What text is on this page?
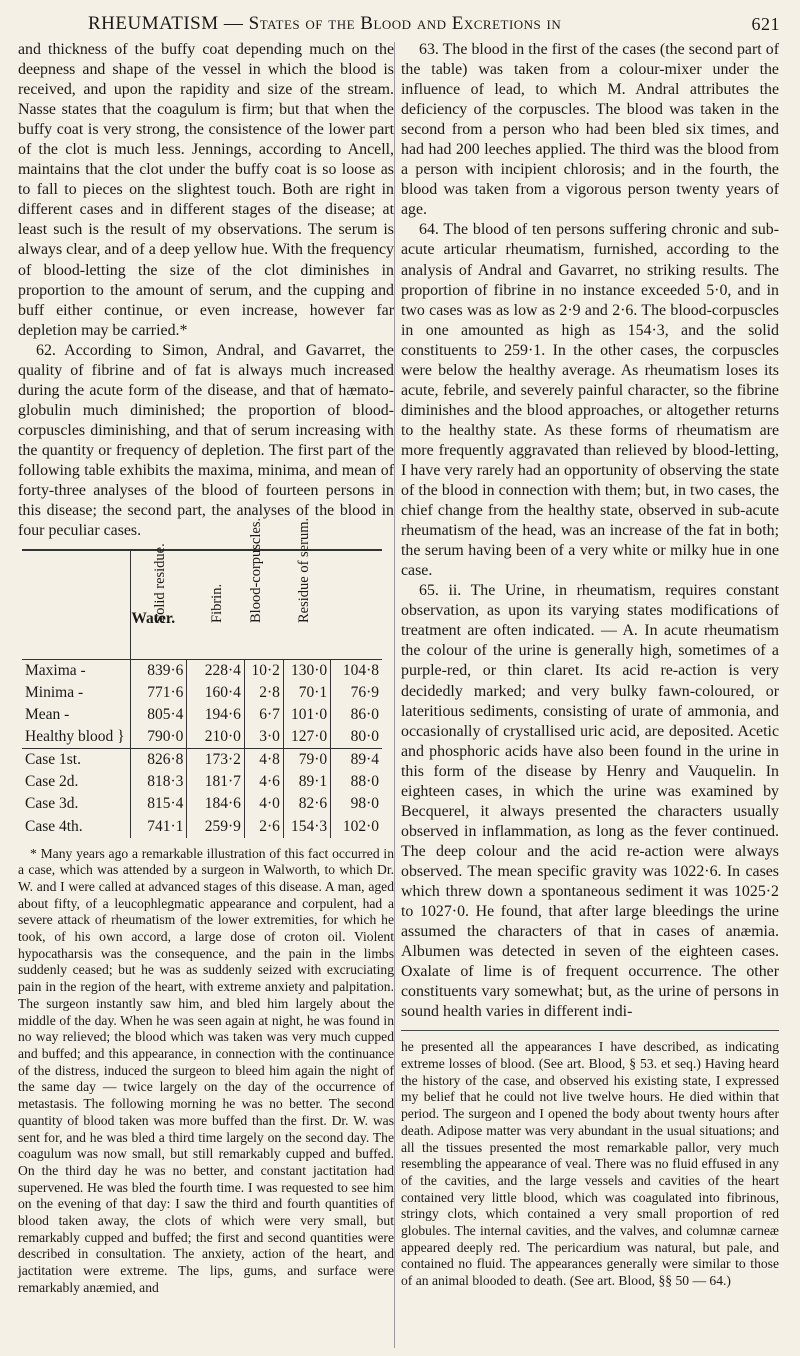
RHEUMATISM — States of the Blood and Excretions in	621

and thickness of the buffy coat depending much on the deepness and shape of the vessel in which the blood is received, and upon the rapidity and size of the stream. Nasse states that the coagulum is firm; but that when the buffy coat is very strong, the consistence of the lower part of the clot is much less. Jennings, according to Ancell, maintains that the clot under the buffy coat is so loose as to fall to pieces on the slightest touch. Both are right in different cases and in different stages of the disease; at least such is the result of my observations. The serum is always clear, and of a deep yellow hue. With the frequency of blood-letting the size of the clot diminishes in proportion to the amount of serum, and the cupping and buff either continue, or even increase, however far depletion may be carried.*

62. According to Simon, Andral, and Gavarret, the quality of fibrine and of fat is always much increased during the acute form of the disease, and that of hæmato-globulin much diminished; the proportion of blood-corpuscles diminishing, and that of serum increasing with the quantity or frequency of depletion. The first part of the following table exhibits the maxima, minima, and mean of forty-three analyses of the blood of fourteen persons in this disease; the second part, the analyses of the blood in four peculiar cases.

	Water.	Solid residue.	Fibrin.	Blood-corpuscles.	Residue of serum.
Maxima -	839·6	228·4	10·2	130·0	104·8
Minima -	771·6	160·4	2·8	70·1	76·9
Mean -	805·4	194·6	6·7	101·0	86·0
Healthy blood }	790·0	210·0	3·0	127·0	80·0
Case 1st.	826·8	173·2	4·8	79·0	89·4
Case 2d.	818·3	181·7	4·6	89·1	88·0
Case 3d.	815·4	184·6	4·0	82·6	98·0
Case 4th.	741·1	259·9	2·6	154·3	102·0

* Many years ago a remarkable illustration of this fact occurred in a case, which was attended by a surgeon in Walworth, to which Dr. W. and I were called at advanced stages of this disease. A man, aged about fifty, of a leucophlegmatic appearance and corpulent, had a severe attack of rheumatism of the lower extremities, for which he took, of his own accord, a large dose of croton oil. Violent hypocatharsis was the consequence, and the pain in the limbs suddenly ceased; but he was as suddenly seized with excruciating pain in the region of the heart, with extreme anxiety and palpitation. The surgeon instantly saw him, and bled him largely about the middle of the day. When he was seen again at night, he was found in no way relieved; the blood which was taken was very much cupped and buffed; and this appearance, in connection with the continuance of the distress, induced the surgeon to bleed him again the night of the same day — twice largely on the day of the occurrence of metastasis. The following morning he was no better. The second quantity of blood taken was more buffed than the first. Dr. W. was sent for, and he was bled a third time largely on the second day. The coagulum was now small, but still remarkably cupped and buffed. On the third day he was no better, and constant jactitation had supervened. He was bled the fourth time. I was requested to see him on the evening of that day: I saw the third and fourth quantities of blood taken away, the clots of which were very small, but remarkably cupped and buffed; the first and second quantities were described in consultation. The anxiety, action of the heart, and jactitation were extreme. The lips, gums, and surface were remarkably anæmied, and

63. The blood in the first of the cases (the second part of the table) was taken from a colour-mixer under the influence of lead, to which M. Andral attributes the deficiency of the corpuscles. The blood was taken in the second from a person who had been bled six times, and had had 200 leeches applied. The third was the blood from a person with incipient chlorosis; and in the fourth, the blood was taken from a vigorous person twenty years of age.

64. The blood of ten persons suffering chronic and sub-acute articular rheumatism, furnished, according to the analysis of Andral and Gavarret, no striking results. The proportion of fibrine in no instance exceeded 5·0, and in two cases was as low as 2·9 and 2·6. The blood-corpuscles in one amounted as high as 154·3, and the solid constituents to 259·1. In the other cases, the corpuscles were below the healthy average. As rheumatism loses its acute, febrile, and severely painful character, so the fibrine diminishes and the blood approaches, or altogether returns to the healthy state. As these forms of rheumatism are more frequently aggravated than relieved by blood-letting, I have very rarely had an opportunity of observing the state of the blood in connection with them; but, in two cases, the chief change from the healthy state, observed in sub-acute rheumatism of the head, was an increase of the fat in both; the serum having been of a very white or milky hue in one case.

65. ii. The Urine, in rheumatism, requires constant observation, as upon its varying states modifications of treatment are often indicated. — A. In acute rheumatism the colour of the urine is generally high, sometimes of a purple-red, or thin claret. Its acid re-action is very decidedly marked; and very bulky fawn-coloured, or lateritious sediments, consisting of urate of ammonia, and occasionally of crystallised uric acid, are deposited. Acetic and phosphoric acids have also been found in the urine in this form of the disease by Henry and Vauquelin. In eighteen cases, in which the urine was examined by Becquerel, it always presented the characters usually observed in inflammation, as long as the fever continued. The deep colour and the acid re-action were always observed. The mean specific gravity was 1022·6. In cases which threw down a spontaneous sediment it was 1025·2 to 1027·0. He found, that after large bleedings the urine assumed the characters of that in cases of anæmia. Albumen was detected in seven of the eighteen cases. Oxalate of lime is of frequent occurrence. The other constituents vary somewhat; but, as the urine of persons in sound health varies in different indi-

he presented all the appearances I have described, as indicating extreme losses of blood. (See art. Blood, § 53. et seq.) Having heard the history of the case, and observed his existing state, I expressed my belief that he could not live twelve hours. He died within that period. The surgeon and I opened the body about twenty hours after death. Adipose matter was very abundant in the usual situations; and all the tissues presented the most remarkable pallor, very much resembling the appearance of veal. There was no fluid effused in any of the cavities, and the large vessels and cavities of the heart contained very little blood, which was coagulated into fibrinous, stringy clots, which contained a very small proportion of red globules. The internal cavities, and the valves, and columnæ carneæ appeared deeply red. The pericardium was natural, but pale, and contained no fluid. The appearances generally were similar to those of an animal blooded to death. (See art. Blood, §§ 50 — 64.)
